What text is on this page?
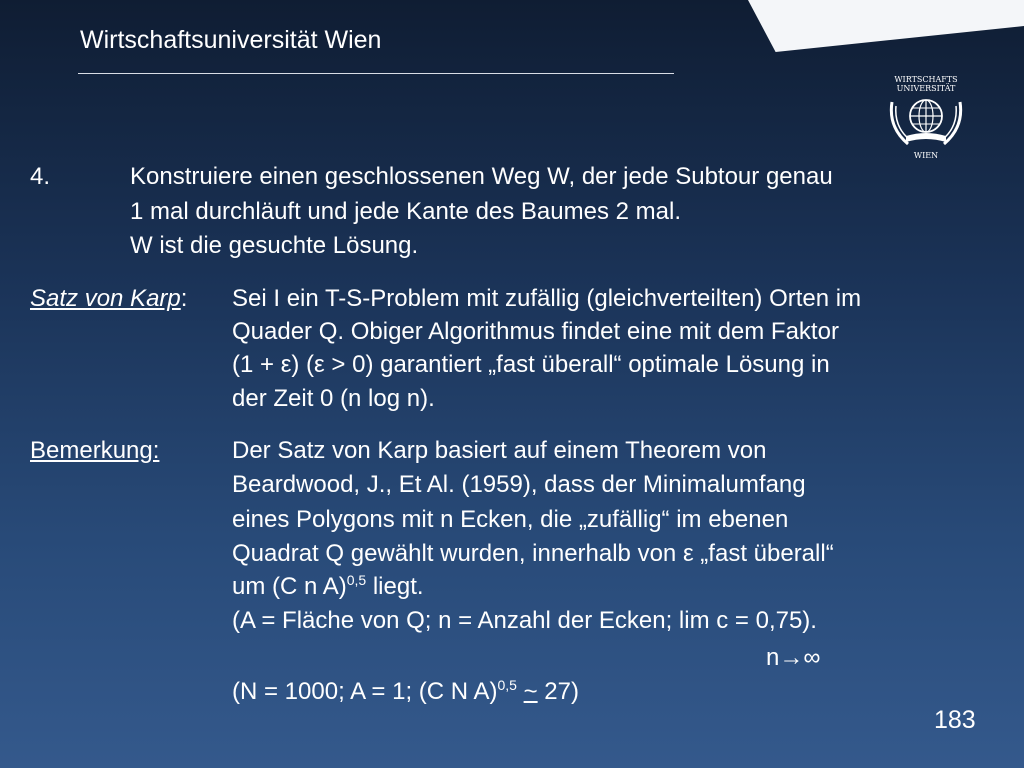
Wirtschaftsuniversität Wien
WIRTSCHAFTS
UNIVERSITÄT
WIEN
4.	Konstruiere einen geschlossenen Weg W, der jede Subtour genau
1 mal durchläuft und jede Kante des Baumes 2 mal.
W ist die gesuchte Lösung.
Satz von Karp: Sei I ein T-S-Problem mit zufällig (gleichverteilten) Orten im
Quader Q. Obiger Algorithmus findet eine mit dem Faktor
(1 + ε) (ε > 0) garantiert „fast überall“ optimale Lösung in
der Zeit 0 (n log n).
Bemerkung:	Der Satz von Karp basiert auf einem Theorem von
Beardwood, J., Et Al. (1959), dass der Minimalumfang
eines Polygons mit n Ecken, die „zufällig“ im ebenen
Quadrat Q gewählt wurden, innerhalb von ε „fast überall“
um (C n A)$^{0,5}$ liegt.
(A = Fläche von Q; n = Anzahl der Ecken; lim c = 0,75).
n→∞
(N = 1000; A = 1; (C N A)$^{0,5}$ ~ 27)
183
